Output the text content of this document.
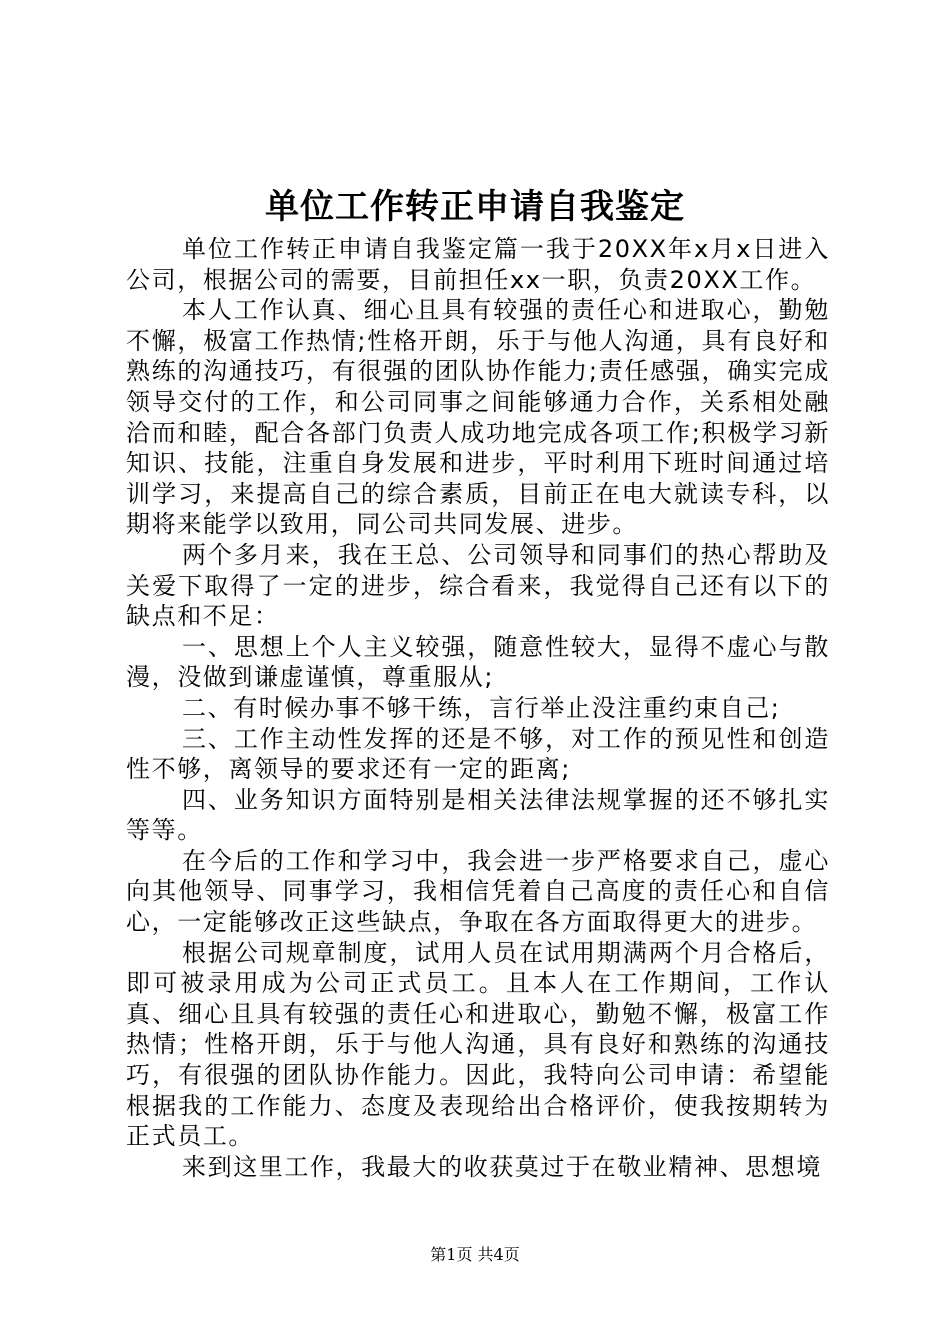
单位工作转正申请自我鉴定

单位工作转正申请自我鉴定篇一我于20XX年x月x日进入公司，根据公司的需要，目前担任xx一职，负责20XX工作。

本人工作认真、细心且具有较强的责任心和进取心，勤勉不懈，极富工作热情;性格开朗，乐于与他人沟通，具有良好和熟练的沟通技巧，有很强的团队协作能力;责任感强，确实完成领导交付的工作，和公司同事之间能够通力合作，关系相处融洽而和睦，配合各部门负责人成功地完成各项工作;积极学习新知识、技能，注重自身发展和进步，平时利用下班时间通过培训学习，来提高自己的综合素质，目前正在电大就读专科，以期将来能学以致用，同公司共同发展、进步。

两个多月来，我在王总、公司领导和同事们的热心帮助及关爱下取得了一定的进步，综合看来，我觉得自己还有以下的缺点和不足：

一、思想上个人主义较强，随意性较大，显得不虚心与散漫，没做到谦虚谨慎，尊重服从;

二、有时候办事不够干练，言行举止没注重约束自己;

三、工作主动性发挥的还是不够，对工作的预见性和创造性不够，离领导的要求还有一定的距离;

四、业务知识方面特别是相关法律法规掌握的还不够扎实等等。

在今后的工作和学习中，我会进一步严格要求自己，虚心向其他领导、同事学习，我相信凭着自己高度的责任心和自信心，一定能够改正这些缺点，争取在各方面取得更大的进步。

根据公司规章制度，试用人员在试用期满两个月合格后，即可被录用成为公司正式员工。且本人在工作期间，工作认真、细心且具有较强的责任心和进取心，勤勉不懈，极富工作热情；性格开朗，乐于与他人沟通，具有良好和熟练的沟通技巧，有很强的团队协作能力。因此，我特向公司申请：希望能根据我的工作能力、态度及表现给出合格评价，使我按期转为正式员工。

来到这里工作，我最大的收获莫过于在敬业精神、思想境

第1页 共4页
